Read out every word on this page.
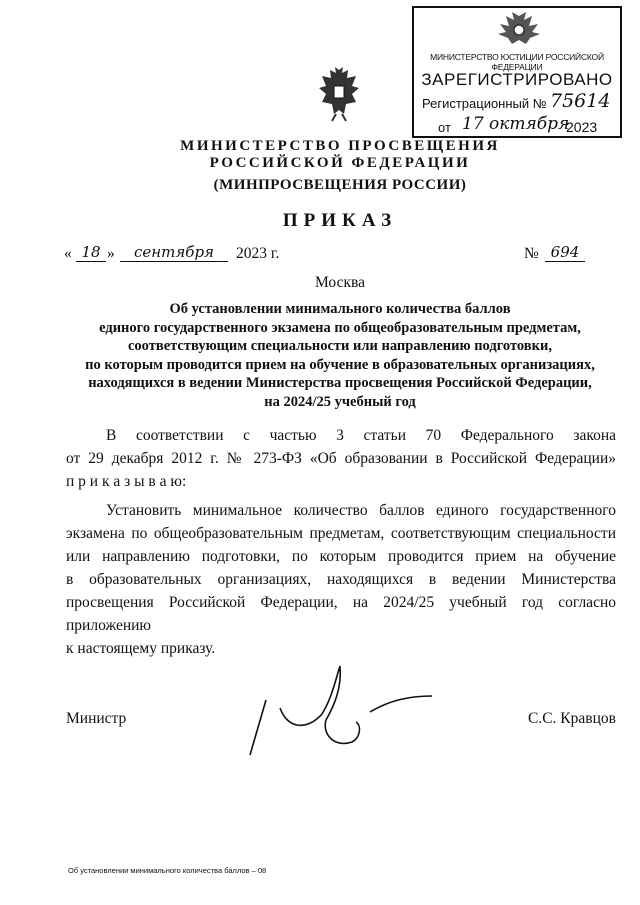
МИНИСТЕРСТВО ЮСТИЦИИ РОССИЙСКОЙ ФЕДЕРАЦИИ
ЗАРЕГИСТРИРОВАНО
Регистрационный № 75614
от 17 октября
2023
МИНИСТЕРСТВО ПРОСВЕЩЕНИЯ
РОССИЙСКОЙ ФЕДЕРАЦИИ
(МИНПРОСВЕЩЕНИЯ РОССИИ)
ПРИКАЗ
« 18 »	сентября	2023 г.	№ 694
Москва
Об установлении минимального количества баллов
единого государственного экзамена по общеобразовательным предметам,
соответствующим специальности или направлению подготовки,
по которым проводится прием на обучение в образовательных организациях,
находящихся в ведении Министерства просвещения Российской Федерации,
на 2024/25 учебный год
В соответствии с частью 3 статьи 70 Федерального закона
от 29 декабря 2012 г. № 273-ФЗ «Об образовании в Российской Федерации»
п р и к а з ы в а ю:
Установить минимальное количество баллов единого государственного
экзамена по общеобразовательным предметам, соответствующим специальности
или направлению подготовки, по которым проводится прием на обучение
в образовательных организациях, находящихся в ведении Министерства
просвещения Российской Федерации, на 2024/25 учебный год согласно приложению
к настоящему приказу.
Министр	С.С. Кравцов
Об установлении минимального количества баллов – 08
